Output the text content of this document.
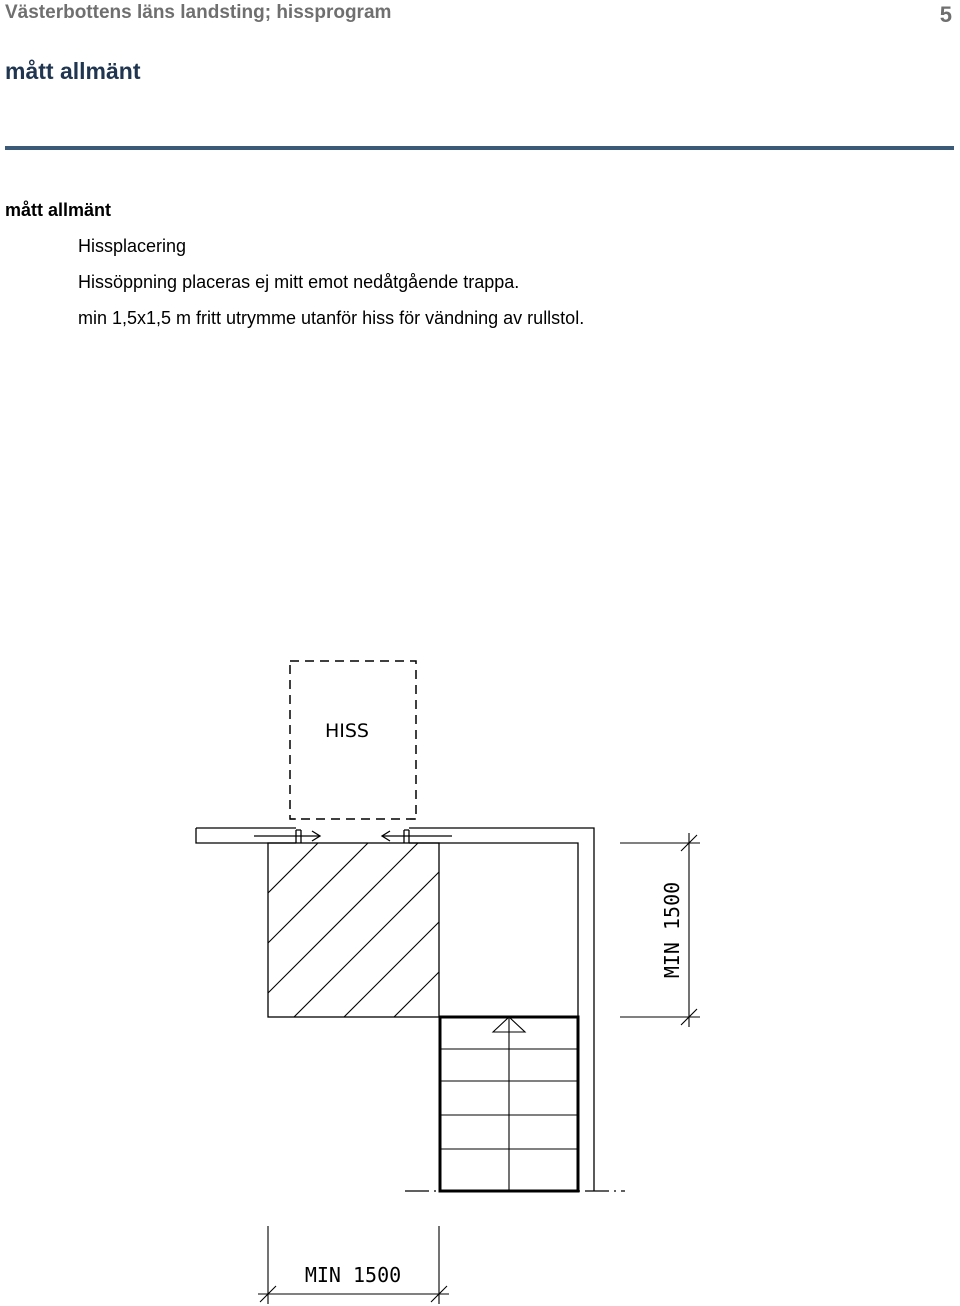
Västerbottens läns landsting; hissprogram	5
mått allmänt
mått allmänt
Hissplacering
Hissöppning placeras ej mitt emot nedåtgående trappa.
min 1,5x1,5 m fritt utrymme utanför hiss för vändning av rullstol.
HISS
MIN 1500
MIN 1500
